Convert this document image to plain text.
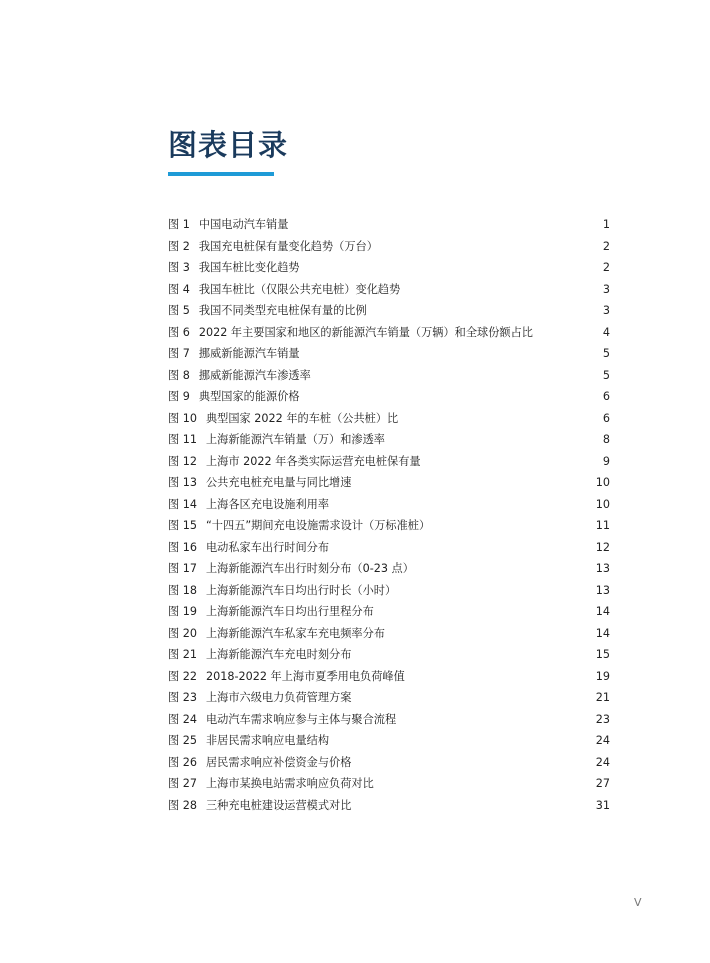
图表目录
图 1 中国电动汽车销量	1
图 2 我国充电桩保有量变化趋势（万台）	2
图 3 我国车桩比变化趋势	2
图 4 我国车桩比（仅限公共充电桩）变化趋势	3
图 5 我国不同类型充电桩保有量的比例	3
图 6 2022 年主要国家和地区的新能源汽车销量（万辆）和全球份额占比	4
图 7 挪威新能源汽车销量	5
图 8 挪威新能源汽车渗透率	5
图 9 典型国家的能源价格	6
图 10 典型国家 2022 年的车桩（公共桩）比	6
图 11 上海新能源汽车销量（万）和渗透率	8
图 12 上海市 2022 年各类实际运营充电桩保有量	9
图 13 公共充电桩充电量与同比增速	10
图 14 上海各区充电设施利用率	10
图 15 “十四五”期间充电设施需求设计（万标准桩）	11
图 16 电动私家车出行时间分布	12
图 17 上海新能源汽车出行时刻分布（0-23 点）	13
图 18 上海新能源汽车日均出行时长（小时）	13
图 19 上海新能源汽车日均出行里程分布	14
图 20 上海新能源汽车私家车充电频率分布	14
图 21 上海新能源汽车充电时刻分布	15
图 22 2018-2022 年上海市夏季用电负荷峰值	19
图 23 上海市六级电力负荷管理方案	21
图 24 电动汽车需求响应参与主体与聚合流程	23
图 25 非居民需求响应电量结构	24
图 26 居民需求响应补偿资金与价格	24
图 27 上海市某换电站需求响应负荷对比	27
图 28 三种充电桩建设运营模式对比	31
V
